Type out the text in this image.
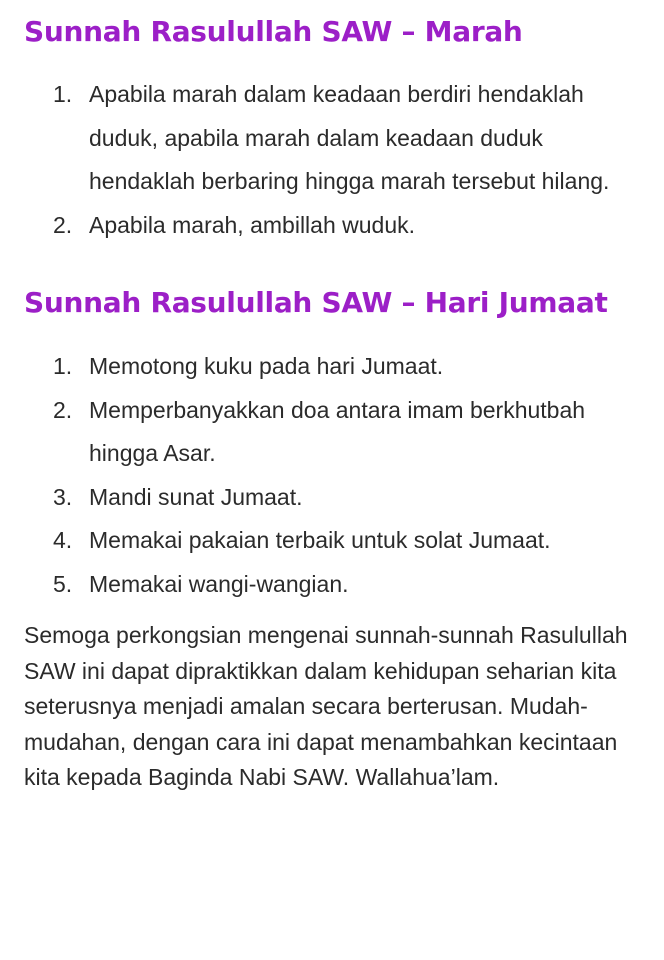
Sunnah Rasulullah SAW – Marah
1. Apabila marah dalam keadaan berdiri hendaklah duduk, apabila marah dalam keadaan duduk hendaklah berbaring hingga marah tersebut hilang.
2. Apabila marah, ambillah wuduk.
Sunnah Rasulullah SAW – Hari Jumaat
1. Memotong kuku pada hari Jumaat.
2. Memperbanyakkan doa antara imam berkhutbah hingga Asar.
3. Mandi sunat Jumaat.
4. Memakai pakaian terbaik untuk solat Jumaat.
5. Memakai wangi-wangian.

Semoga perkongsian mengenai sunnah-sunnah Rasulullah SAW ini dapat dipraktikkan dalam kehidupan seharian kita seterusnya menjadi amalan secara berterusan. Mudah-mudahan, dengan cara ini dapat menambahkan kecintaan kita kepada Baginda Nabi SAW. Wallahua’lam.
